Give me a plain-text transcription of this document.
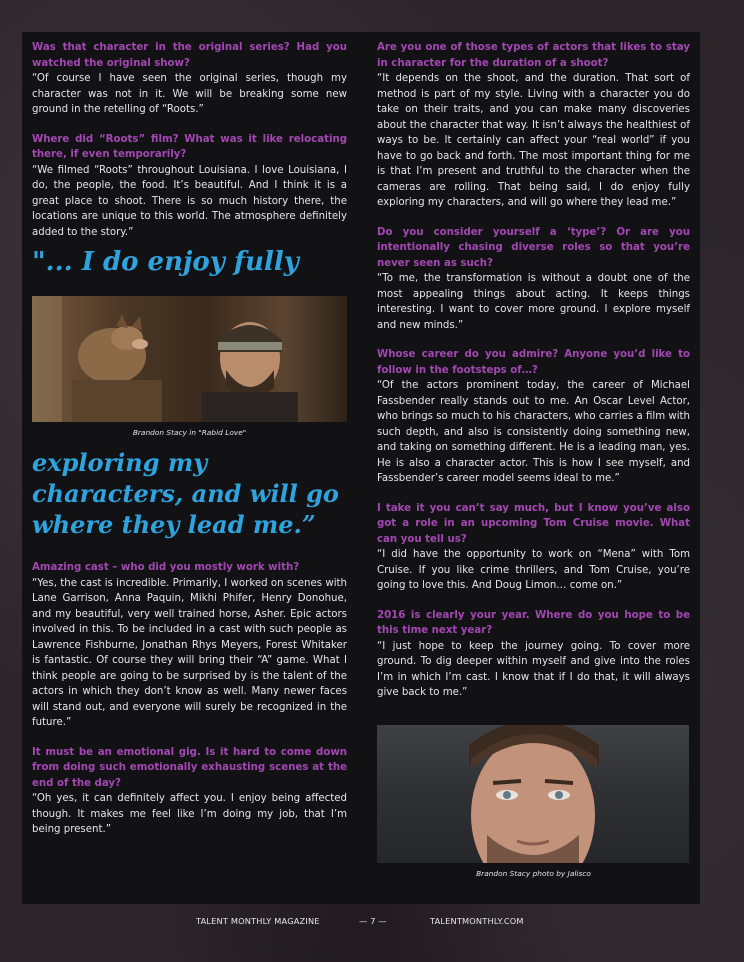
Was that character in the original series? Had you watched the original show?

“Of course I have seen the original series, though my character was not in it. We will be breaking some new ground in the retelling of “Roots.”

Where did “Roots” film? What was it like relocating there, if even temporarily?

“We filmed “Roots” throughout Louisiana. I love Louisiana, I do, the people, the food. It’s beautiful. And I think it is a great place to shoot. There is so much history there, the locations are unique to this world. The atmosphere definitely added to the story.”

"... I do enjoy fully

Brandon Stacy in "Rabid Love"

exploring my characters, and will go where they lead me.”

Amazing cast – who did you mostly work with?

“Yes, the cast is incredible. Primarily, I worked on scenes with Lane Garrison, Anna Paquin, Mikhi Phifer, Henry Donohue, and my beautiful, very well trained horse, Asher. Epic actors involved in this. To be included in a cast with such people as Lawrence Fishburne, Jonathan Rhys Meyers, Forest Whitaker is fantastic. Of course they will bring their “A” game. What I think people are going to be surprised by is the talent of the actors in which they don’t know as well. Many newer faces will stand out, and everyone will surely be recognized in the future.”

It must be an emotional gig. Is it hard to come down from doing such emotionally exhausting scenes at the end of the day?

“Oh yes, it can definitely affect you. I enjoy being affected though. It makes me feel like I’m doing my job, that I’m being present.”

Are you one of those types of actors that likes to stay in character for the duration of a shoot?

“It depends on the shoot, and the duration. That sort of method is part of my style. Living with a character you do take on their traits, and you can make many discoveries about the character that way. It isn’t always the healthiest of ways to be. It certainly can affect your “real world” if you have to go back and forth. The most important thing for me is that I’m present and truthful to the character when the cameras are rolling. That being said, I do enjoy fully exploring my characters, and will go where they lead me.”

Do you consider yourself a ‘type’? Or are you intentionally chasing diverse roles so that you’re never seen as such?

“To me, the transformation is without a doubt one of the most appealing things about acting. It keeps things interesting. I want to cover more ground. I explore myself and new minds.”

Whose career do you admire? Anyone you’d like to follow in the footsteps of…?

“Of the actors prominent today, the career of Michael Fassbender really stands out to me. An Oscar Level Actor, who brings so much to his characters, who carries a film with such depth, and also is consistently doing something new, and taking on something different. He is a leading man, yes. He is also a character actor. This is how I see myself, and Fassbender’s career model seems ideal to me.”

I take it you can’t say much, but I know you’ve also got a role in an upcoming Tom Cruise movie. What can you tell us?

“I did have the opportunity to work on “Mena” with Tom Cruise. If you like crime thrillers, and Tom Cruise, you’re going to love this. And Doug Limon… come on.”

2016 is clearly your year. Where do you hope to be this time next year?

“I just hope to keep the journey going. To cover more ground. To dig deeper within myself and give into the roles I’m in which I’m cast. I know that if I do that, it will always give back to me.”

Brandon Stacy photo by Jalisco

TALENT MONTHLY MAGAZINE	— 7 —	TALENTMONTHLY.COM
